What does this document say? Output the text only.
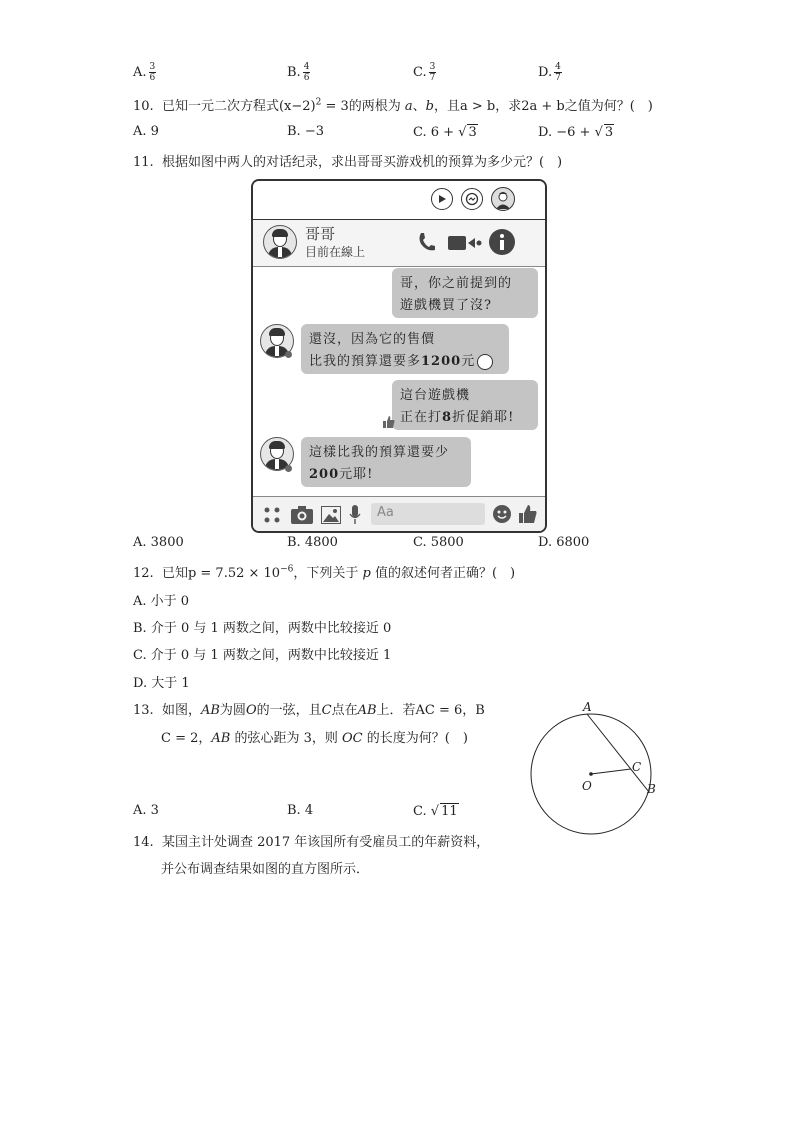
A. $\frac{3}{6}$	B. $\frac{4}{6}$	C. $\frac{3}{7}$	D. $\frac{4}{7}$
10. 已知一元二次方程式$(x-2)^2 = 3$的两根为 a、b，且a > b，求2a + b之值为何？(　)
A. 9	B. −3	C. 6 + √ 3	D. −6 + √ 3
11. 根据如图中两人的对话纪录，求出哥哥买游戏机的预算为多少元？(　)
哥哥
目前在線上
哥，你之前提到的
遊戲機買了沒?
還沒，因為它的售價
比我的預算還要多1200元
這台遊戲機
正在打8折促銷耶!
這樣比我的預算還要少
200元耶!
Aa
A. 3800	B. 4800	C. 5800	D. 6800
12. 已知$p = 7.52 \times 10^{-6}$，下列关于 p 值的叙述何者正确？(　)
A. 小于 0
B. 介于 0 与 1 两数之间，两数中比较接近 0
C. 介于 0 与 1 两数之间，两数中比较接近 1
D. 大于 1
13. 如图，AB为圆O的一弦，且C点在AB上．若AC = 6，B
C = 2，AB 的弦心距为 3，则 OC 的长度为何？(　)
A. 3	B. 4	C. √ 11
A
C
B
O
14. 某国主计处调查 2017 年该国所有受雇员工的年薪资料，
并公布调查结果如图的直方图所示．
